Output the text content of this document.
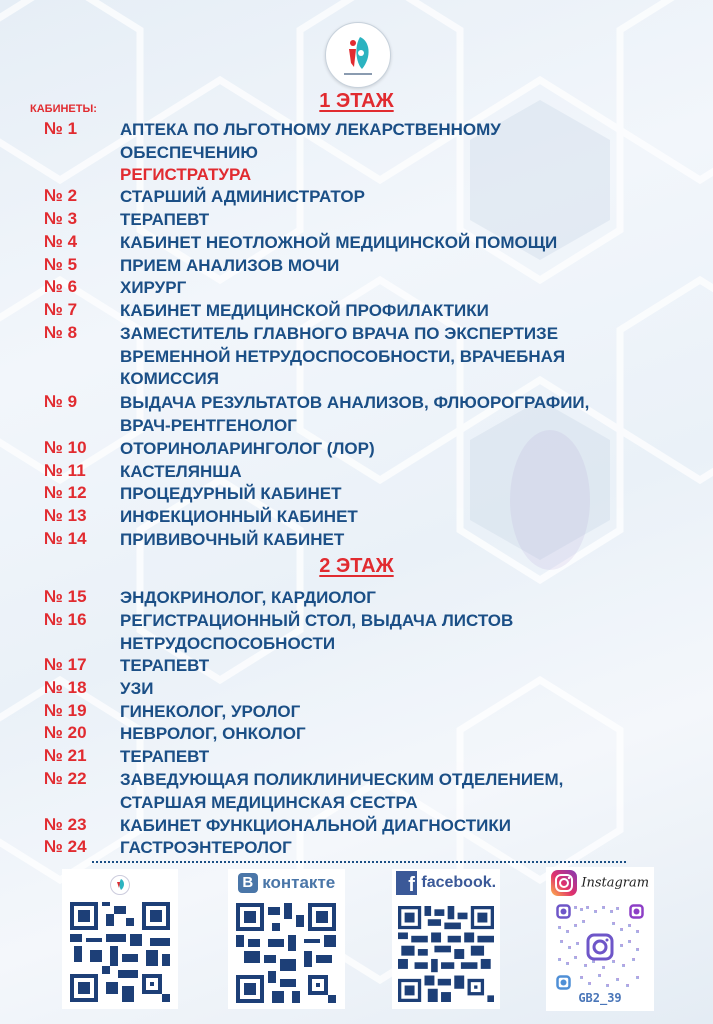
1 ЭТАЖ
КАБИНЕТЫ:
№ 1	АПТЕКА ПО ЛЬГОТНОМУ ЛЕКАРСТВЕННОМУ
ОБЕСПЕЧЕНИЮ
РЕГИСТРАТУРА
№ 2	СТАРШИЙ АДМИНИСТРАТОР
№ 3	ТЕРАПЕВТ
№ 4	КАБИНЕТ НЕОТЛОЖНОЙ МЕДИЦИНСКОЙ ПОМОЩИ
№ 5	ПРИЕМ АНАЛИЗОВ МОЧИ
№ 6	ХИРУРГ
№ 7	КАБИНЕТ МЕДИЦИНСКОЙ ПРОФИЛАКТИКИ
№ 8	ЗАМЕСТИТЕЛЬ ГЛАВНОГО ВРАЧА ПО ЭКСПЕРТИЗЕ
ВРЕМЕННОЙ НЕТРУДОСПОСОБНОСТИ, ВРАЧЕБНАЯ
КОМИССИЯ
№ 9	ВЫДАЧА РЕЗУЛЬТАТОВ АНАЛИЗОВ, ФЛЮОРОГРАФИИ,
ВРАЧ-РЕНТГЕНОЛОГ
№ 10 ОТОРИНОЛАРИНГОЛОГ (ЛОР)
№ 11 КАСТЕЛЯНША
№ 12 ПРОЦЕДУРНЫЙ КАБИНЕТ
№ 13 ИНФЕКЦИОННЫЙ КАБИНЕТ
№ 14 ПРИВИВОЧНЫЙ КАБИНЕТ
2 ЭТАЖ
№ 15 ЭНДОКРИНОЛОГ, КАРДИОЛОГ
№ 16 РЕГИСТРАЦИОННЫЙ СТОЛ, ВЫДАЧА ЛИСТОВ
НЕТРУДОСПОСОБНОСТИ
№ 17 ТЕРАПЕВТ
№ 18 УЗИ
№ 19 ГИНЕКОЛОГ, УРОЛОГ
№ 20 НЕВРОЛОГ, ОНКОЛОГ
№ 21 ТЕРАПЕВТ
№ 22 ЗАВЕДУЮЩАЯ ПОЛИКЛИНИЧЕСКИМ ОТДЕЛЕНИЕМ,
СТАРШАЯ МЕДИЦИНСКАЯ СЕСТРА
№ 23 КАБИНЕТ ФУНКЦИОНАЛЬНОЙ ДИАГНОСТИКИ
№ 24 ГАСТРОЭНТЕРОЛОГ
В контакте	f facebook.	Instagram
GB2_39
